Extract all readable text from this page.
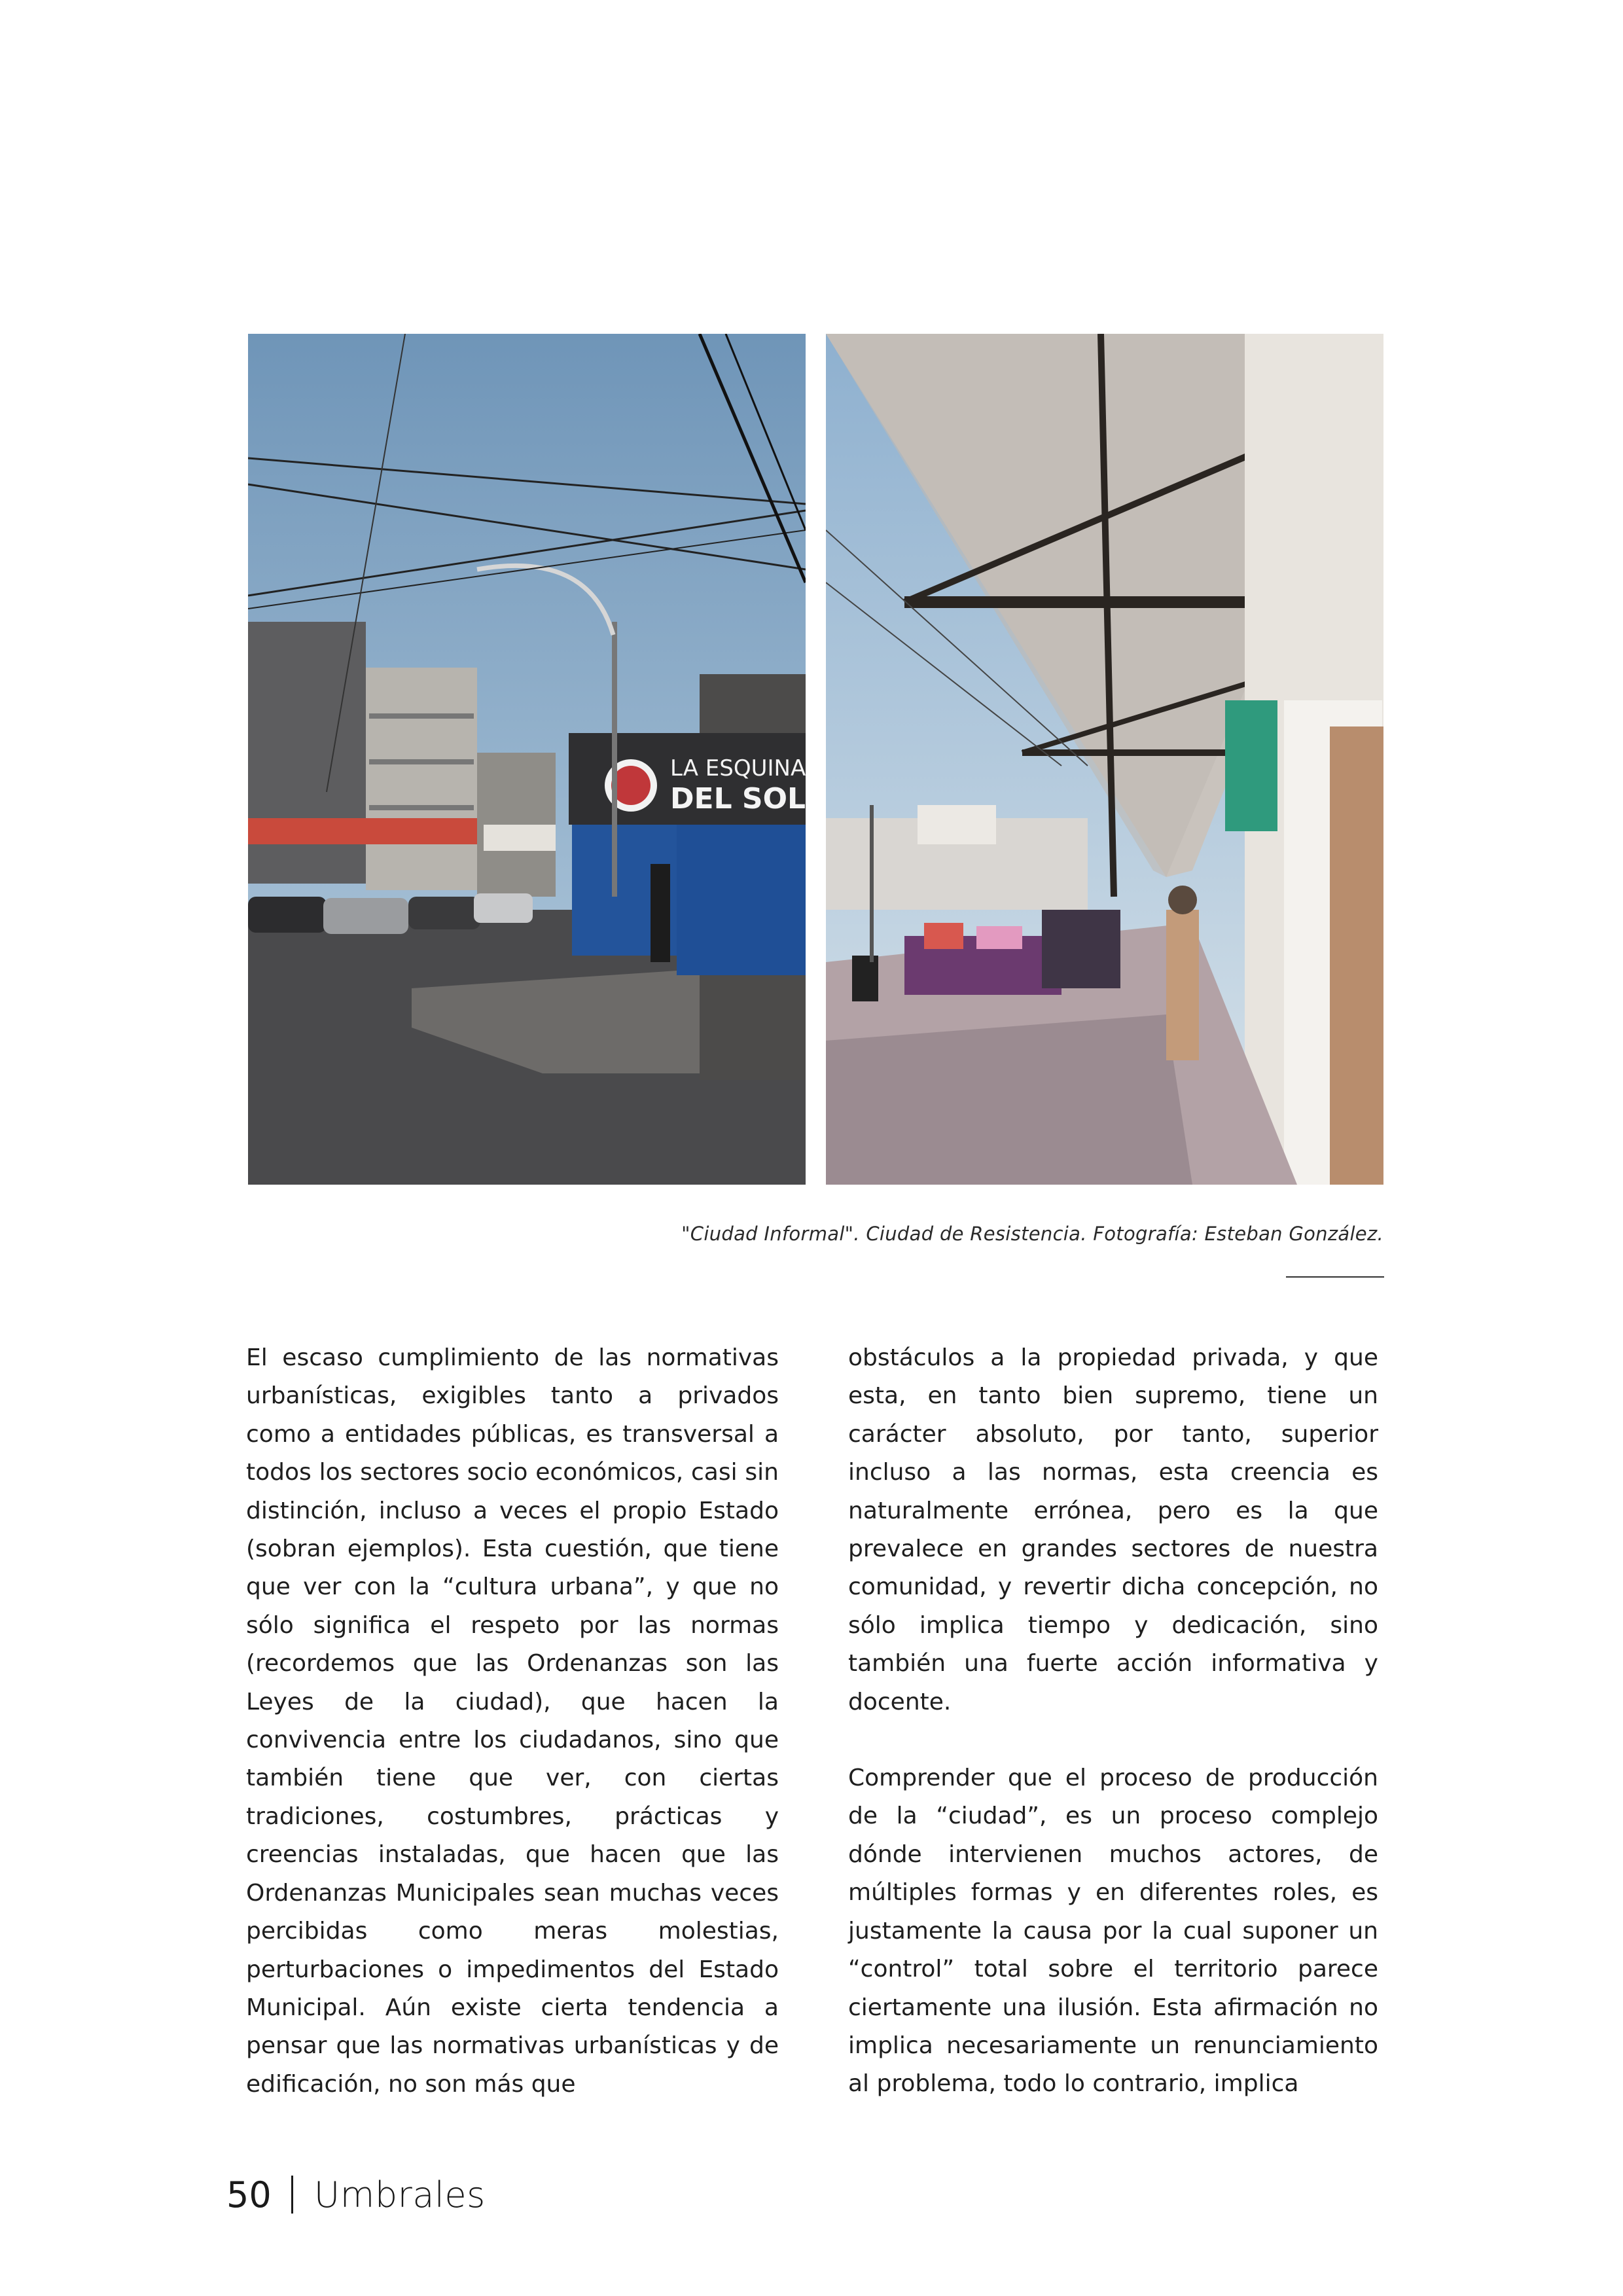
LA ESQUINA
DEL SOL
"Ciudad Informal". Ciudad de Resistencia. Fotografía: Esteban González.

El escaso cumplimiento de las normativas urbanísticas, exigibles tanto a privados como a entidades públicas, es transversal a todos los sectores socio económicos, casi sin distinción, incluso a veces el propio Estado (sobran ejemplos). Esta cuestión, que tiene que ver con la “cultura urbana”, y que no sólo significa el respeto por las normas (recordemos que las Ordenanzas son las Leyes de la ciudad), que hacen la convivencia entre los ciudadanos, sino que también tiene que ver, con ciertas tradiciones, costumbres, prácticas y creencias instaladas, que hacen que las Ordenanzas Municipales sean muchas veces percibidas como meras molestias, perturbaciones o impedimentos del Estado Municipal. Aún existe cierta tendencia a pensar que las normativas urbanísticas y de edificación, no son más que

obstáculos a la propiedad privada, y que esta, en tanto bien supremo, tiene un carácter absoluto, por tanto, superior incluso a las normas, esta creencia es naturalmente errónea, pero es la que prevalece en grandes sectores de nuestra comunidad, y revertir dicha concepción, no sólo implica tiempo y dedicación, sino también una fuerte acción informativa y docente.

Comprender que el proceso de producción de la “ciudad”, es un proceso complejo dónde intervienen muchos actores, de múltiples formas y en diferentes roles, es justamente la causa por la cual suponer un “control” total sobre el territorio parece ciertamente una ilusión. Esta afirmación no implica necesariamente un renunciamiento al problema, todo lo contrario, implica

50 Umbrales
